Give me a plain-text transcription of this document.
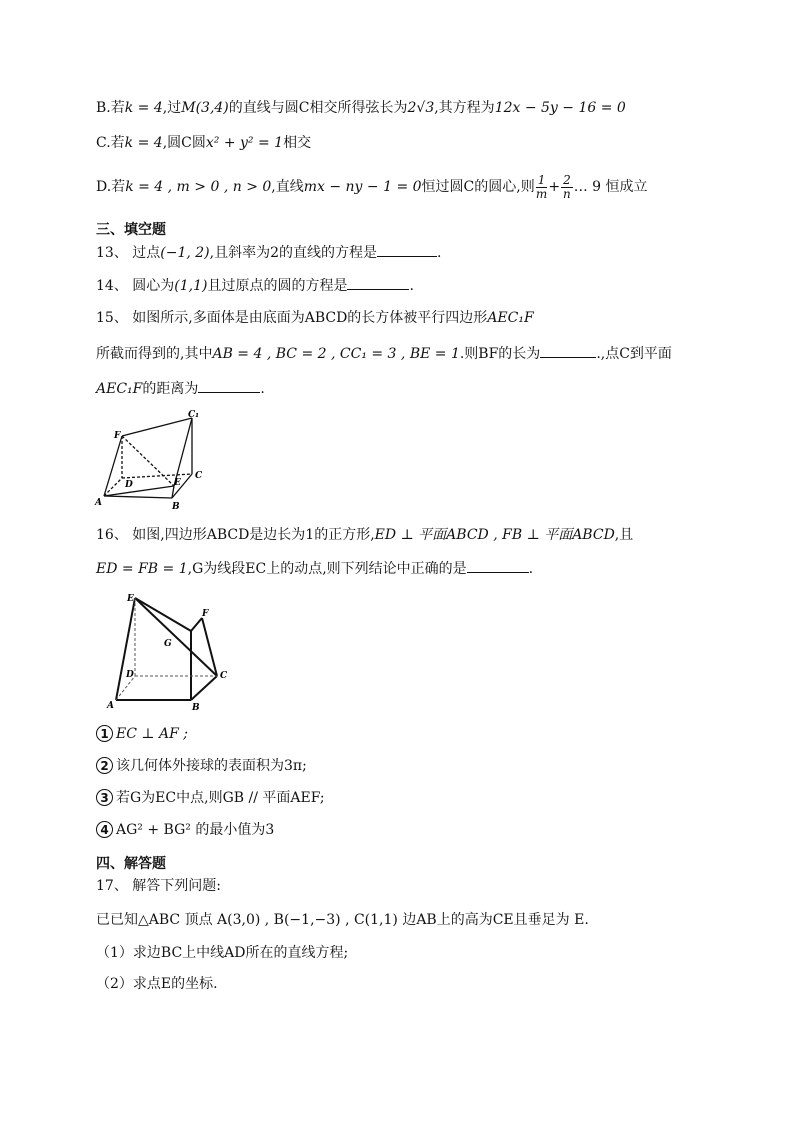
B.若k = 4,过M(3,4)的直线与圆C相交所得弦长为2√3,其方程为12x − 5y − 16 = 0
C.若k = 4,圆C圆x² + y² = 1相交
D.若k = 4 , m > 0 , n > 0,直线mx − ny − 1 = 0恒过圆C的圆心,则 $\frac{1}{m} + \frac{2}{n}$ … 9 恒成立
三、填空题
13、 过点(−1, 2),且斜率为2的直线的方程是	.
14、 圆心为(1,1)且过原点的圆的方程是	.
15、 如图所示,多面体是由底面为ABCD的长方体被平行四边形AEC₁F
所截而得到的,其中AB = 4 , BC = 2 , CC₁ = 3 , BE = 1.则BF的长为	.,点C到平面
AEC₁F的距离为	.
F
C₁
D
C
E
A	B
16、 如图,四边形ABCD是边长为1的正方形,ED ⊥ 平面ABCD , FB ⊥ 平面ABCD,且
ED = FB = 1,G为线段EC上的动点,则下列结论中正确的是	.
E
F
G
D	C
A	B
1 EC ⊥ AF ;
2 该几何体外接球的表面积为3π;
3 若G为EC中点,则GB // 平面AEF;
4 AG² + BG² 的最小值为3
四、解答题
17、 解答下列问题:
已已知△ABC 顶点 A(3,0) , B(−1,−3) , C(1,1) 边AB上的高为CE且垂足为 E.
（1）求边BC上中线AD所在的直线方程;
（2）求点E的坐标.
